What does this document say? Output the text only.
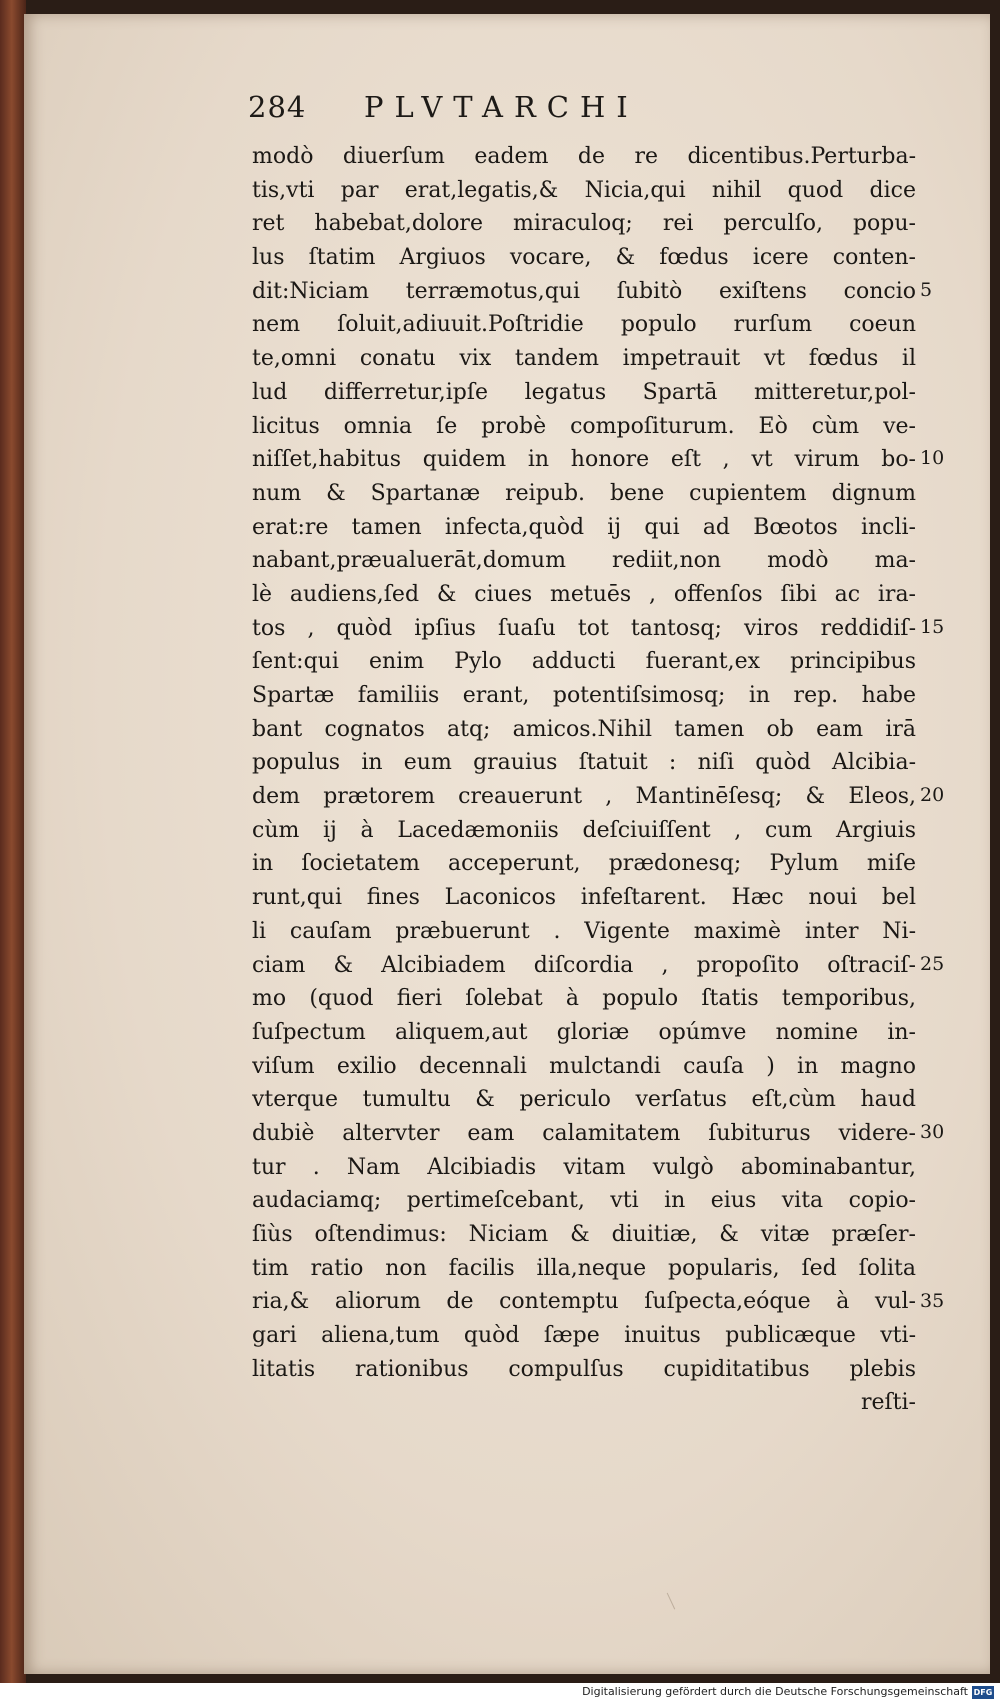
284 PLVTARCHI
modò diuerſum eadem de re dicentibus.Perturba-
tis,vti par erat,legatis,& Nicia,qui nihil quod dice
ret habebat,dolore miraculoq; rei perculſo, popu-
lus ſtatim Argiuos vocare, & fœdus icere conten-
dit:Niciam terræmotus,qui ſubitò exiſtens concio
nem ſoluit,adiuuit.Poſtridie populo rurſum coeun
te,omni conatu vix tandem impetrauit vt fœdus il
lud differretur,ipſe legatus Spartā mitteretur,pol-
licitus omnia ſe probè compoſiturum. Eò cùm ve-
niſſet,habitus quidem in honore eſt , vt virum bo-
num & Spartanæ reipub. bene cupientem dignum
erat:re tamen infecta,quòd ij qui ad Bœotos incli-
nabant,præualuerāt,domum rediit,non modò ma-
lè audiens,ſed & ciues metuēs , offenſos ſibi ac ira-
tos , quòd ipſius ſuaſu tot tantosq; viros reddidiſ-
ſent:qui enim Pylo adducti fuerant,ex principibus
Spartæ familiis erant, potentiſsimosq; in rep. habe
bant cognatos atq; amicos.Nihil tamen ob eam irā
populus in eum grauius ſtatuit : niſi quòd Alcibia-
dem prætorem creauerunt , Mantinēſesq; & Eleos,
cùm ij à Lacedæmoniis deſciuiſſent , cum Argiuis
in ſocietatem acceperunt, prædonesq; Pylum miſe
runt,qui fines Laconicos infeſtarent. Hæc noui bel
li cauſam præbuerunt . Vigente maximè inter Ni-
ciam & Alcibiadem diſcordia , propoſito oſtraciſ-
mo (quod fieri ſolebat à populo ſtatis temporibus,
ſuſpectum aliquem,aut gloriæ opúmve nomine in-
viſum exilio decennali mulctandi cauſa ) in magno
vterque tumultu & periculo verſatus eſt,cùm haud
dubiè altervter eam calamitatem ſubiturus videre-
tur . Nam Alcibiadis vitam vulgò abominabantur,
audaciamq; pertimeſcebant, vti in eius vita copio-
ſiùs oſtendimus: Niciam & diuitiæ, & vitæ præſer-
tim ratio non facilis illa,neque popularis, ſed ſolita
ria,& aliorum de contemptu ſuſpecta,eóque à vul-
gari aliena,tum quòd ſæpe inuitus publicæque vti-
litatis rationibus compulſus cupiditatibus plebis
reſti-
5
10
15
20
25
30
35
Digitalisierung gefördert durch die Deutsche Forschungsgemeinschaft DFG
